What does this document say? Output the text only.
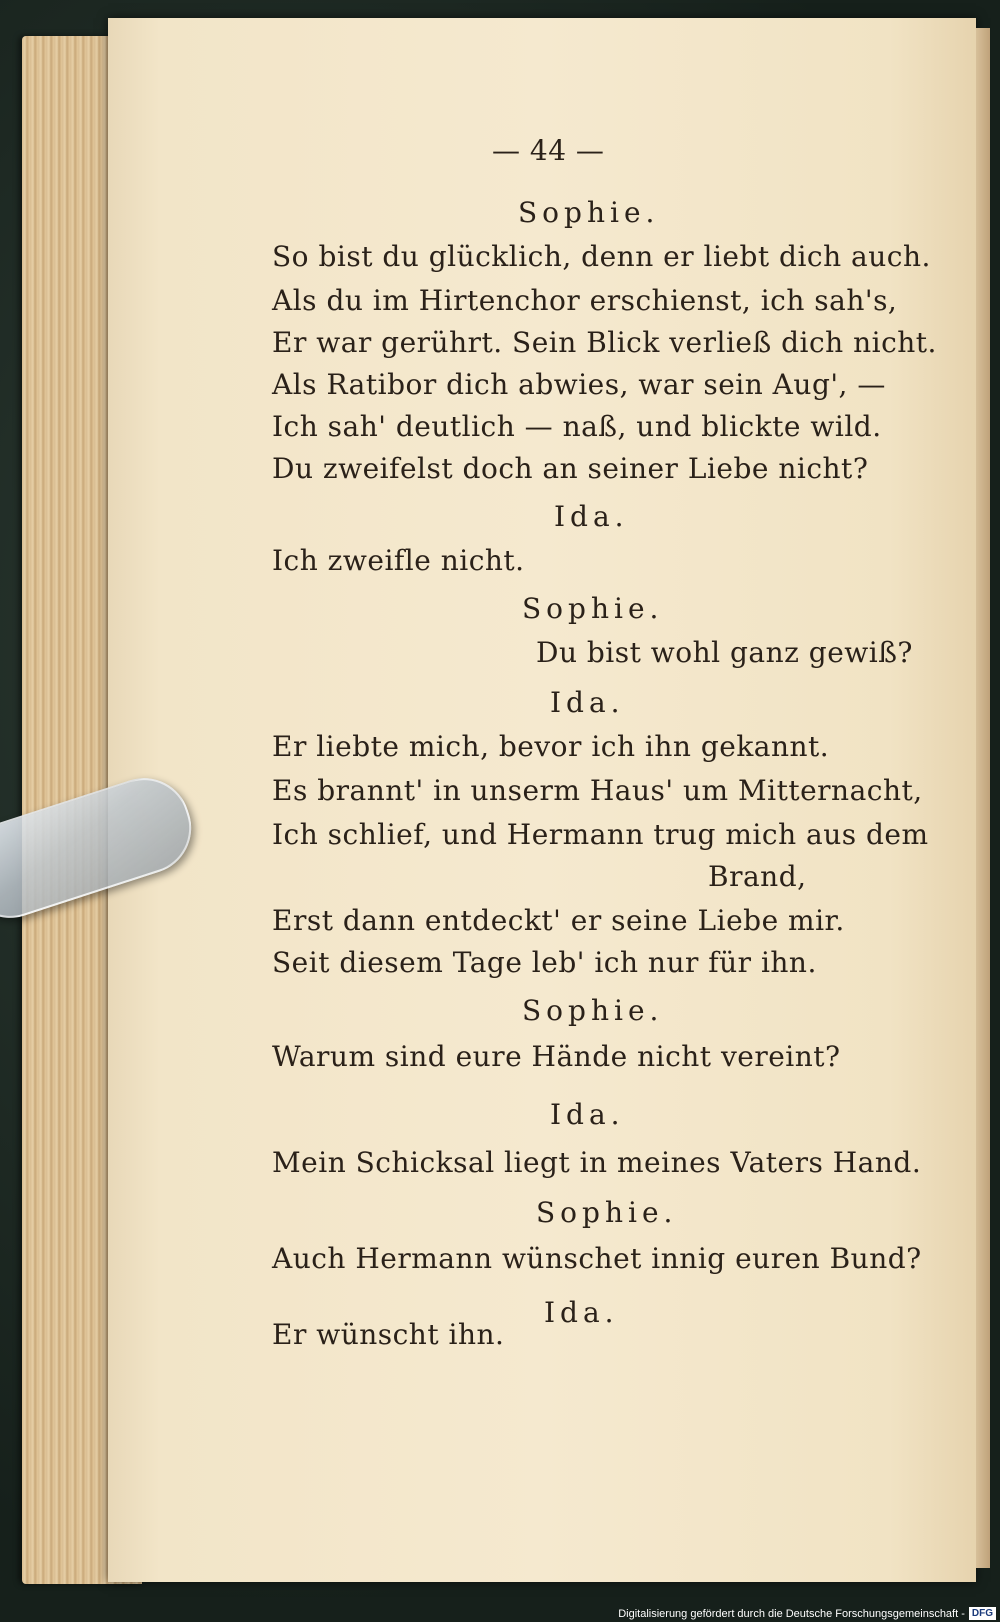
— 44 —
Sophie.
So bist du glücklich, denn er liebt dich auch.
Als du im Hirtenchor erschienst, ich sah's,
Er war gerührt. Sein Blick verließ dich nicht.
Als Ratibor dich abwies, war sein Aug', —
Ich sah' deutlich — naß, und blickte wild.
Du zweifelst doch an seiner Liebe nicht?
Ida.
Ich zweifle nicht.
Sophie.
Du bist wohl ganz gewiß?
Ida.
Er liebte mich, bevor ich ihn gekannt.
Es brannt' in unserm Haus' um Mitternacht,
Ich schlief, und Hermann trug mich aus dem
Brand,
Erst dann entdeckt' er seine Liebe mir.
Seit diesem Tage leb' ich nur für ihn.
Sophie.
Warum sind eure Hände nicht vereint?
Ida.
Mein Schicksal liegt in meines Vaters Hand.
Sophie.
Auch Hermann wünschet innig euren Bund?
Ida.
Er wünscht ihn.
Digitalisierung gefördert durch die Deutsche Forschungsgemeinschaft - DFG
